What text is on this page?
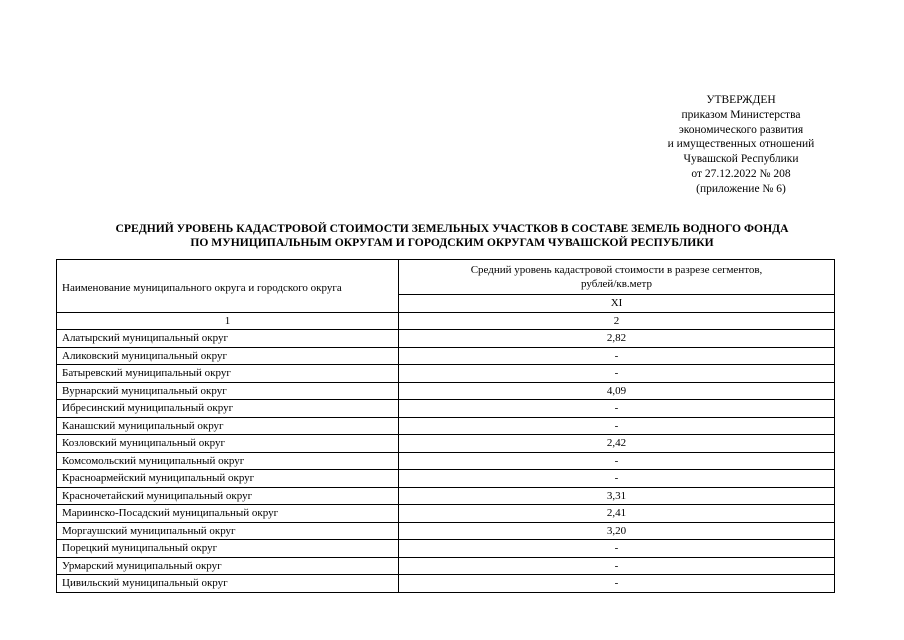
УТВЕРЖДЕН
приказом Министерства
экономического развития
и имущественных отношений
Чувашской Республики
от 27.12.2022 № 208
(приложение № 6)
СРЕДНИЙ УРОВЕНЬ КАДАСТРОВОЙ СТОИМОСТИ ЗЕМЕЛЬНЫХ УЧАСТКОВ В СОСТАВЕ ЗЕМЕЛЬ ВОДНОГО ФОНДА
ПО МУНИЦИПАЛЬНЫМ ОКРУГАМ И ГОРОДСКИМ ОКРУГАМ ЧУВАШСКОЙ РЕСПУБЛИКИ
Наименование муниципального округа и городского округа	Средний уровень кадастровой стоимости в разрезе сегментов,
рублей/кв.метр

	XI
1	2
Алатырский муниципальный округ	2,82
Аликовский муниципальный округ	-
Батыревский муниципальный округ	-
Вурнарский муниципальный округ	4,09
Ибресинский муниципальный округ	-
Канашский муниципальный округ	-
Козловский муниципальный округ	2,42
Комсомольский муниципальный округ	-
Красноармейский муниципальный округ	-
Красночетайский муниципальный округ	3,31
Мариинско-Посадский муниципальный округ	2,41
Моргаушский муниципальный округ	3,20
Порецкий муниципальный округ	-
Урмарский муниципальный округ	-
Цивильский муниципальный округ	-
